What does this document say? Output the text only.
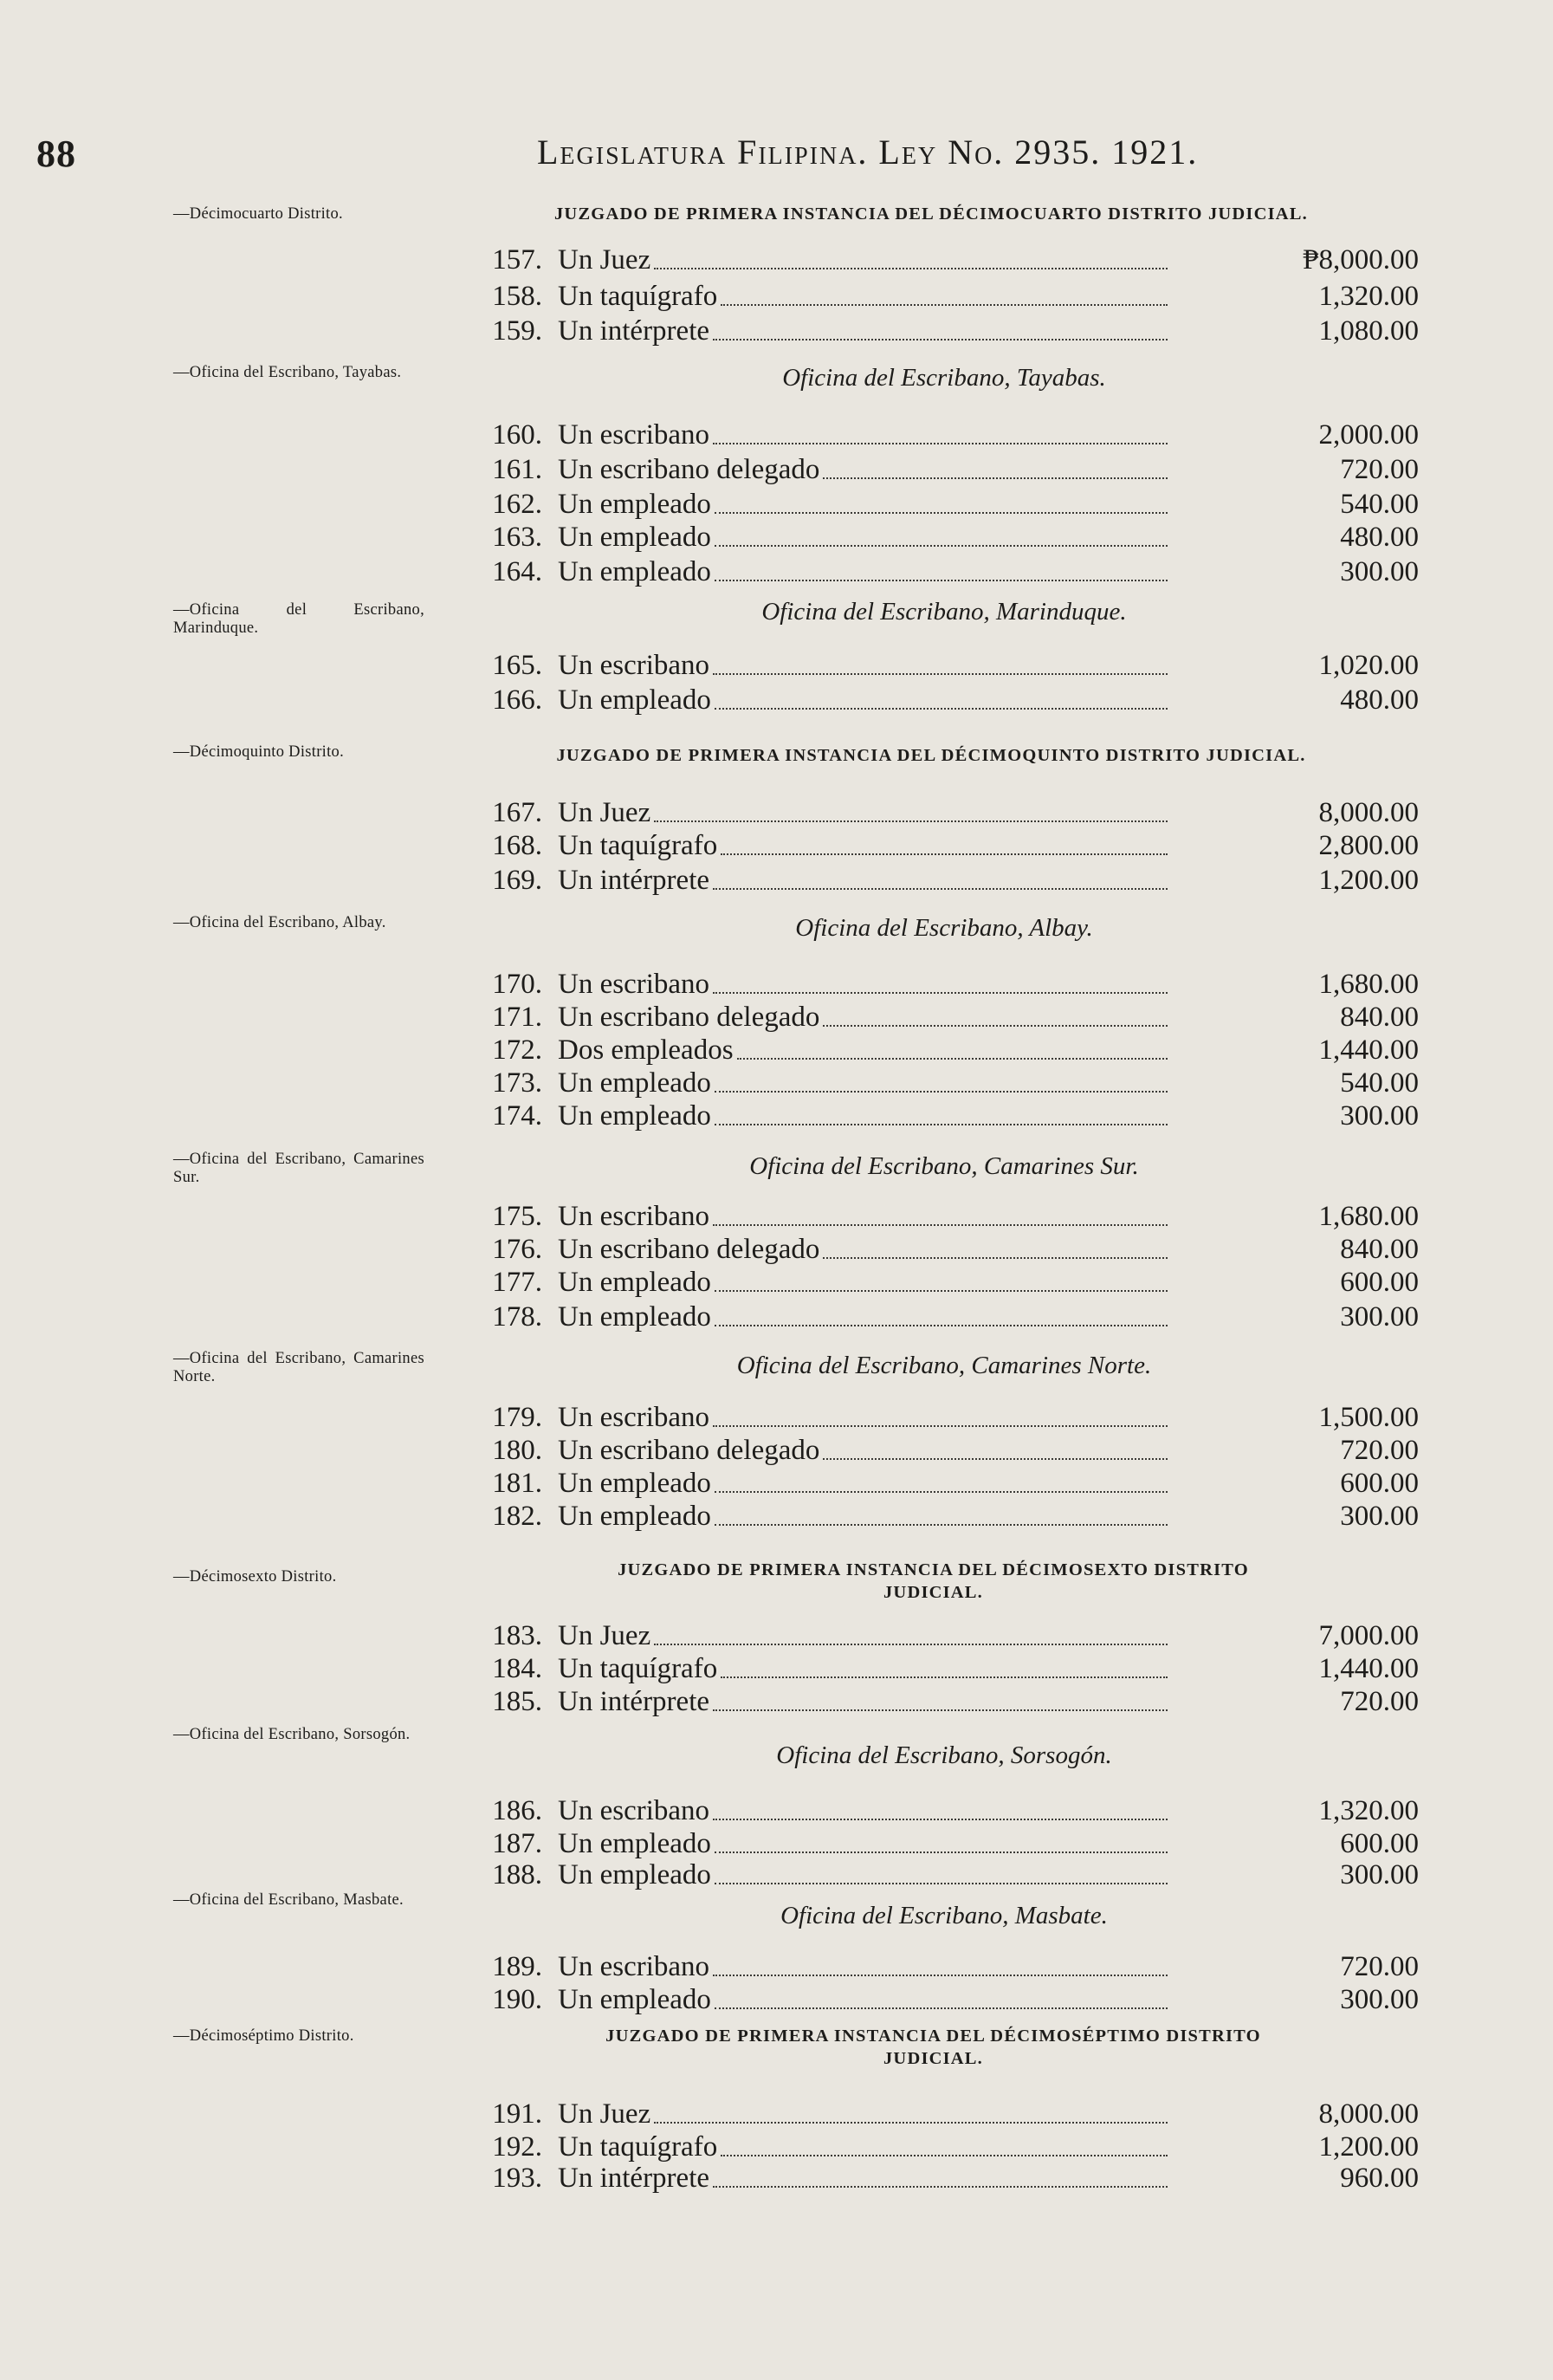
88	Legislatura Filipina. Ley No. 2935. 1921.
—Décimocuarto Distrito.	JUZGADO DE PRIMERA INSTANCIA DEL DÉCIMOCUARTO DISTRITO JUDICIAL.
—Oficina del Escribano, Tayabas.	Oficina del Escribano, Tayabas.
—Oficina del Escribano, Marinduque.
Oficina del Escribano, Marinduque.
—Décimoquinto Distrito.	JUZGADO DE PRIMERA INSTANCIA DEL DÉCIMOQUINTO DISTRITO JUDICIAL.
—Oficina del Escribano, Albay.	Oficina del Escribano, Albay.
—Oficina del Escribano, Camarines Sur.	Oficina del Escribano, Camarines Sur.
—Oficina del Escribano, Camarines Norte.	Oficina del Escribano, Camarines Norte.
—Décimosexto Distrito.	JUZGADO DE PRIMERA INSTANCIA DEL DÉCIMOSEXTO DISTRITO JUDICIAL.
—Oficina del Escribano, Sorsogón.
Oficina del Escribano, Sorsogón.
—Oficina del Escribano, Masbate.
Oficina del Escribano, Masbate.
—Décimoséptimo Distrito.	JUZGADO DE PRIMERA INSTANCIA DEL DÉCIMOSÉPTIMO DISTRITO JUDICIAL.
157. Un Juez	₱8,000.00
158. Un taquígrafo	1,320.00
159. Un intérprete	1,080.00
160. Un escribano	2,000.00
161. Un escribano delegado	720.00
162. Un empleado	540.00
163. Un empleado	480.00
164. Un empleado	300.00
165. Un escribano	1,020.00
166. Un empleado	480.00
167. Un Juez	8,000.00
168. Un taquígrafo	2,800.00
169. Un intérprete	1,200.00
170. Un escribano	1,680.00
171. Un escribano delegado	840.00
172. Dos empleados	1,440.00
173. Un empleado	540.00
174. Un empleado	300.00
175. Un escribano	1,680.00
176. Un escribano delegado	840.00
177. Un empleado	600.00
178. Un empleado	300.00
179. Un escribano	1,500.00
180. Un escribano delegado	720.00
181. Un empleado	600.00
182. Un empleado	300.00
183. Un Juez	7,000.00
184. Un taquígrafo	1,440.00
185. Un intérprete	720.00
186. Un escribano	1,320.00
187. Un empleado	600.00
188. Un empleado	300.00
189. Un escribano	720.00
190. Un empleado	300.00
191. Un Juez	8,000.00
192. Un taquígrafo	1,200.00
193. Un intérprete	960.00
